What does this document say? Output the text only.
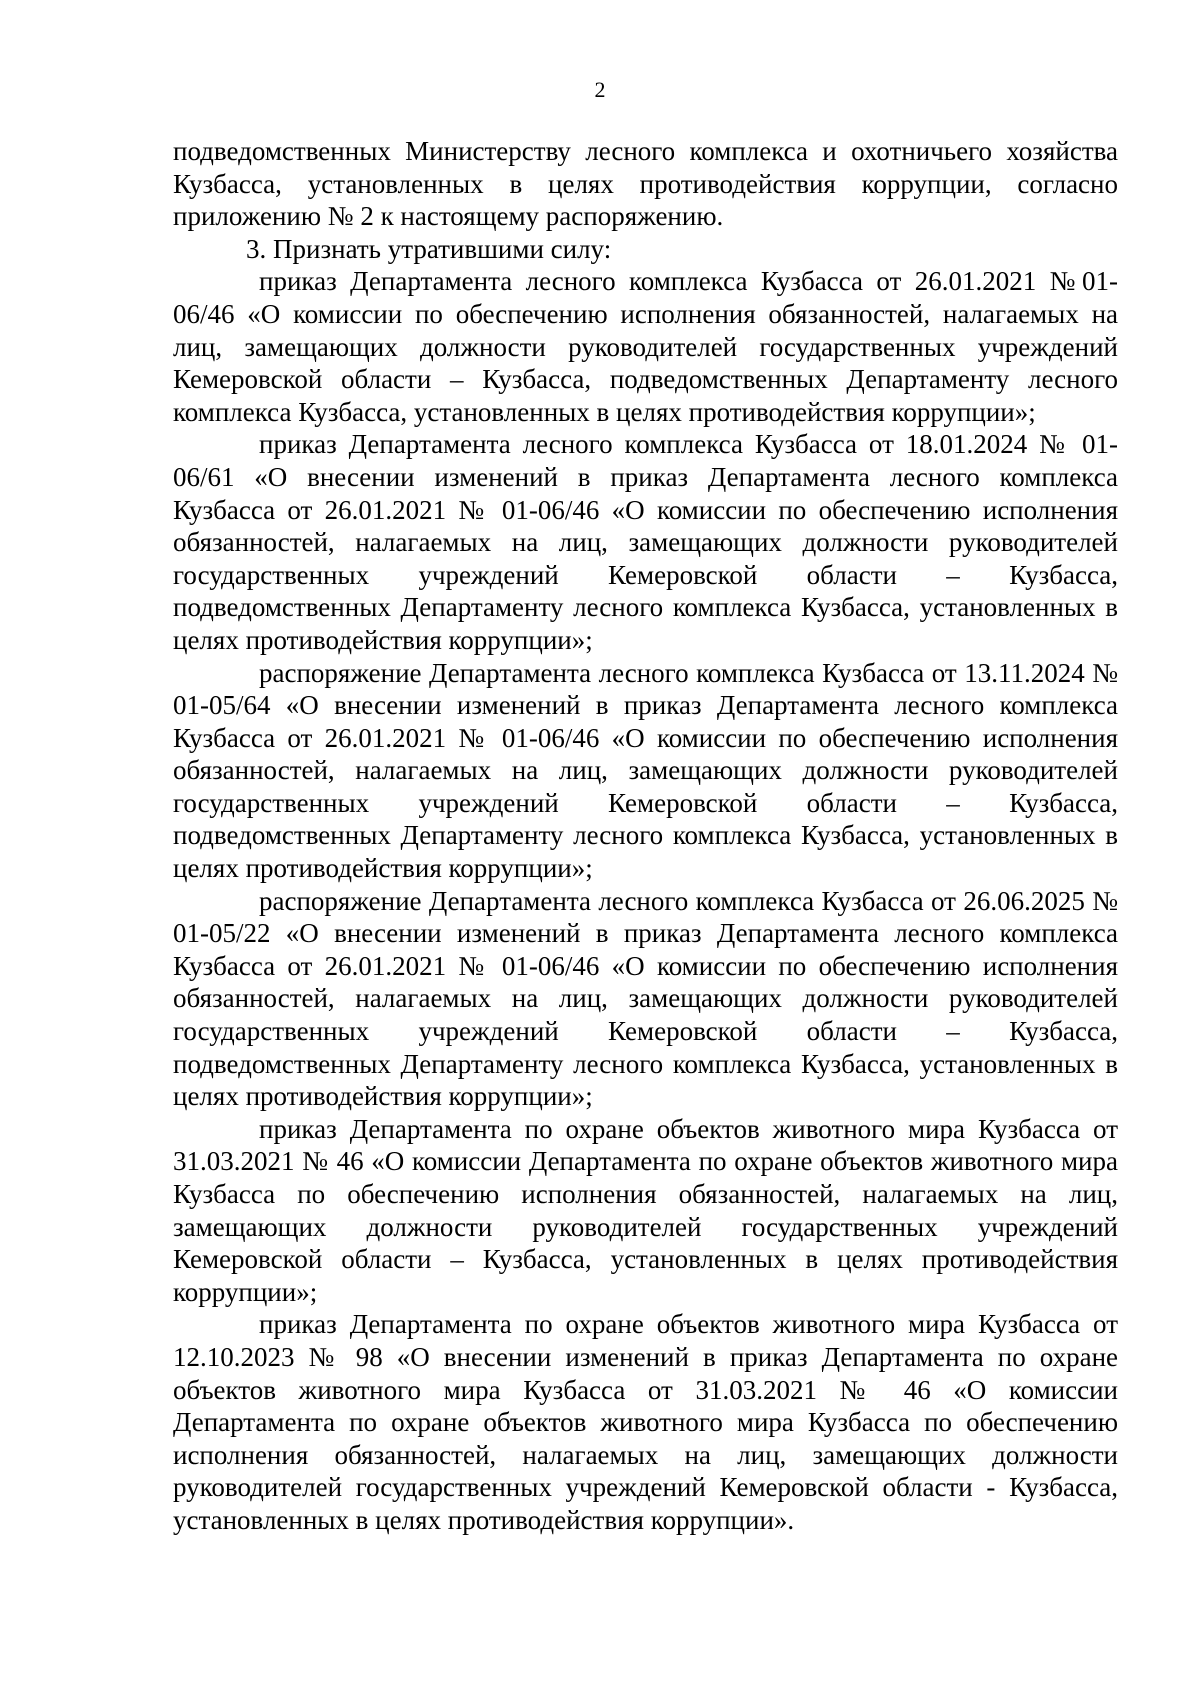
2

подведомственных Министерству лесного комплекса и охотничьего хозяйства Кузбасса, установленных в целях противодействия коррупции, согласно приложению № 2 к настоящему распоряжению.

3. Признать утратившими силу:

приказ Департамента лесного комплекса Кузбасса от 26.01.2021 №01-06/46 «О комиссии по обеспечению исполнения обязанностей, налагаемых на лиц, замещающих должности руководителей государственных учреждений Кемеровской области – Кузбасса, подведомственных Департаменту лесного комплекса Кузбасса, установленных в целях противодействия коррупции»;

приказ Департамента лесного комплекса Кузбасса от 18.01.2024 № 01-06/61 «О внесении изменений в приказ Департамента лесного комплекса Кузбасса от 26.01.2021 № 01-06/46 «О комиссии по обеспечению исполнения обязанностей, налагаемых на лиц, замещающих должности руководителей государственных учреждений Кемеровской области – Кузбасса, подведомственных Департаменту лесного комплекса Кузбасса, установленных в целях противодействия коррупции»;

распоряжение Департамента лесного комплекса Кузбасса от 13.11.2024 № 01-05/64 «О внесении изменений в приказ Департамента лесного комплекса Кузбасса от 26.01.2021 № 01-06/46 «О комиссии по обеспечению исполнения обязанностей, налагаемых на лиц, замещающих должности руководителей государственных учреждений Кемеровской области – Кузбасса, подведомственных Департаменту лесного комплекса Кузбасса, установленных в целях противодействия коррупции»;

распоряжение Департамента лесного комплекса Кузбасса от 26.06.2025 № 01-05/22 «О внесении изменений в приказ Департамента лесного комплекса Кузбасса от 26.01.2021 № 01-06/46 «О комиссии по обеспечению исполнения обязанностей, налагаемых на лиц, замещающих должности руководителей государственных учреждений Кемеровской области – Кузбасса, подведомственных Департаменту лесного комплекса Кузбасса, установленных в целях противодействия коррупции»;

приказ Департамента по охране объектов животного мира Кузбасса от 31.03.2021 № 46 «О комиссии Департамента по охране объектов животного мира Кузбасса по обеспечению исполнения обязанностей, налагаемых на лиц, замещающих должности руководителей государственных учреждений Кемеровской области – Кузбасса, установленных в целях противодействия коррупции»;

приказ Департамента по охране объектов животного мира Кузбасса от 12.10.2023 № 98 «О внесении изменений в приказ Департамента по охране объектов животного мира Кузбасса от 31.03.2021 № 46 «О комиссии Департамента по охране объектов животного мира Кузбасса по обеспечению исполнения обязанностей, налагаемых на лиц, замещающих должности руководителей государственных учреждений Кемеровской области - Кузбасса, установленных в целях противодействия коррупции».
